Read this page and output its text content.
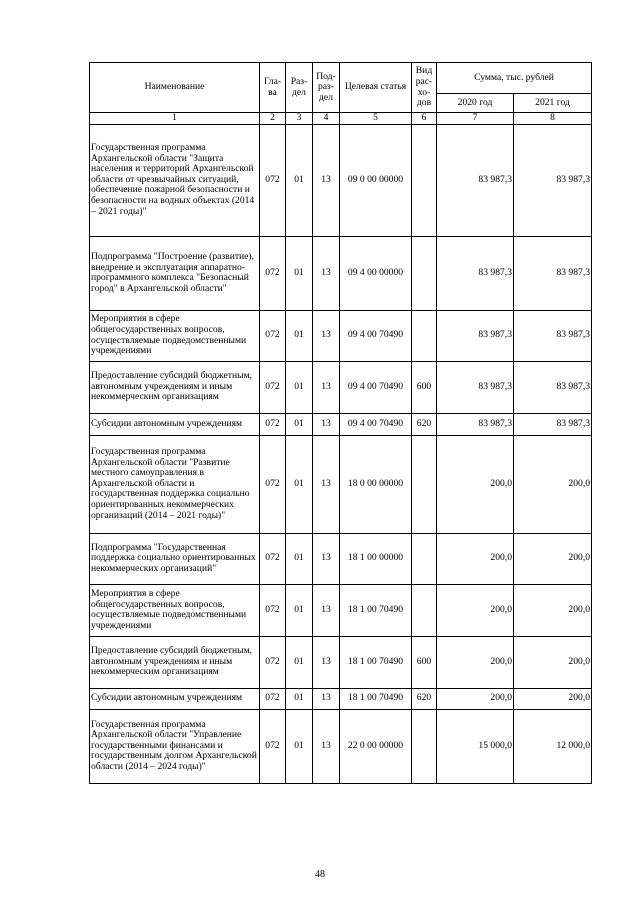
Наименование	Гла-ва	Раз-дел	Под-раз-дел	Целевая статья	Вид рас-хо-дов	Сумма, тыс. рублей	
						2020 год	2021 год
1	2	3	4	5	6	7	8
Государственная программа Архангельской области "Защита населения и территорий Архангельской области от чрезвычайных ситуаций, обеспечение пожарной безопасности и безопасности на водных объектах (2014 – 2021 годы)"	072	01	13	09 0 00 00000		83 987,3	83 987,3
Подпрограмма "Построение (развитие), внедрение и эксплуатация аппаратно-программного комплекса "Безопасный город" в Архангельской области"	072	01	13	09 4 00 00000		83 987,3	83 987,3
Мероприятия в сфере общегосударственных вопросов, осуществляемые подведомственными учреждениями	072	01	13	09 4 00 70490		83 987,3	83 987,3
Предоставление субсидий бюджетным, автономным учреждениям и иным некоммерческим организациям	072	01	13	09 4 00 70490	600	83 987,3	83 987,3
Субсидии автономным учреждениям	072	01	13	09 4 00 70490	620	83 987,3	83 987,3
Государственная программа Архангельской области "Развитие местного самоуправления в Архангельской области и государственная поддержка социально ориентированных некоммерческих организаций (2014 – 2021 годы)"	072	01	13	18 0 00 00000		200,0	200,0
Подпрограмма "Государственная поддержка социально ориентированных некоммерческих организаций"	072	01	13	18 1 00 00000		200,0	200,0
Мероприятия в сфере общегосударственных вопросов, осуществляемые подведомственными учреждениями	072	01	13	18 1 00 70490		200,0	200,0
Предоставление субсидий бюджетным, автономным учреждениям и иным некоммерческим организациям	072	01	13	18 1 00 70490	600	200,0	200,0
Субсидии автономным учреждениям	072	01	13	18 1 00 70490	620	200,0	200,0
Государственная программа Архангельской области "Управление государственными финансами и государственным долгом Архангельской области (2014 – 2024 годы)"	072	01	13	22 0 00 00000		15 000,0	12 000,0
48
